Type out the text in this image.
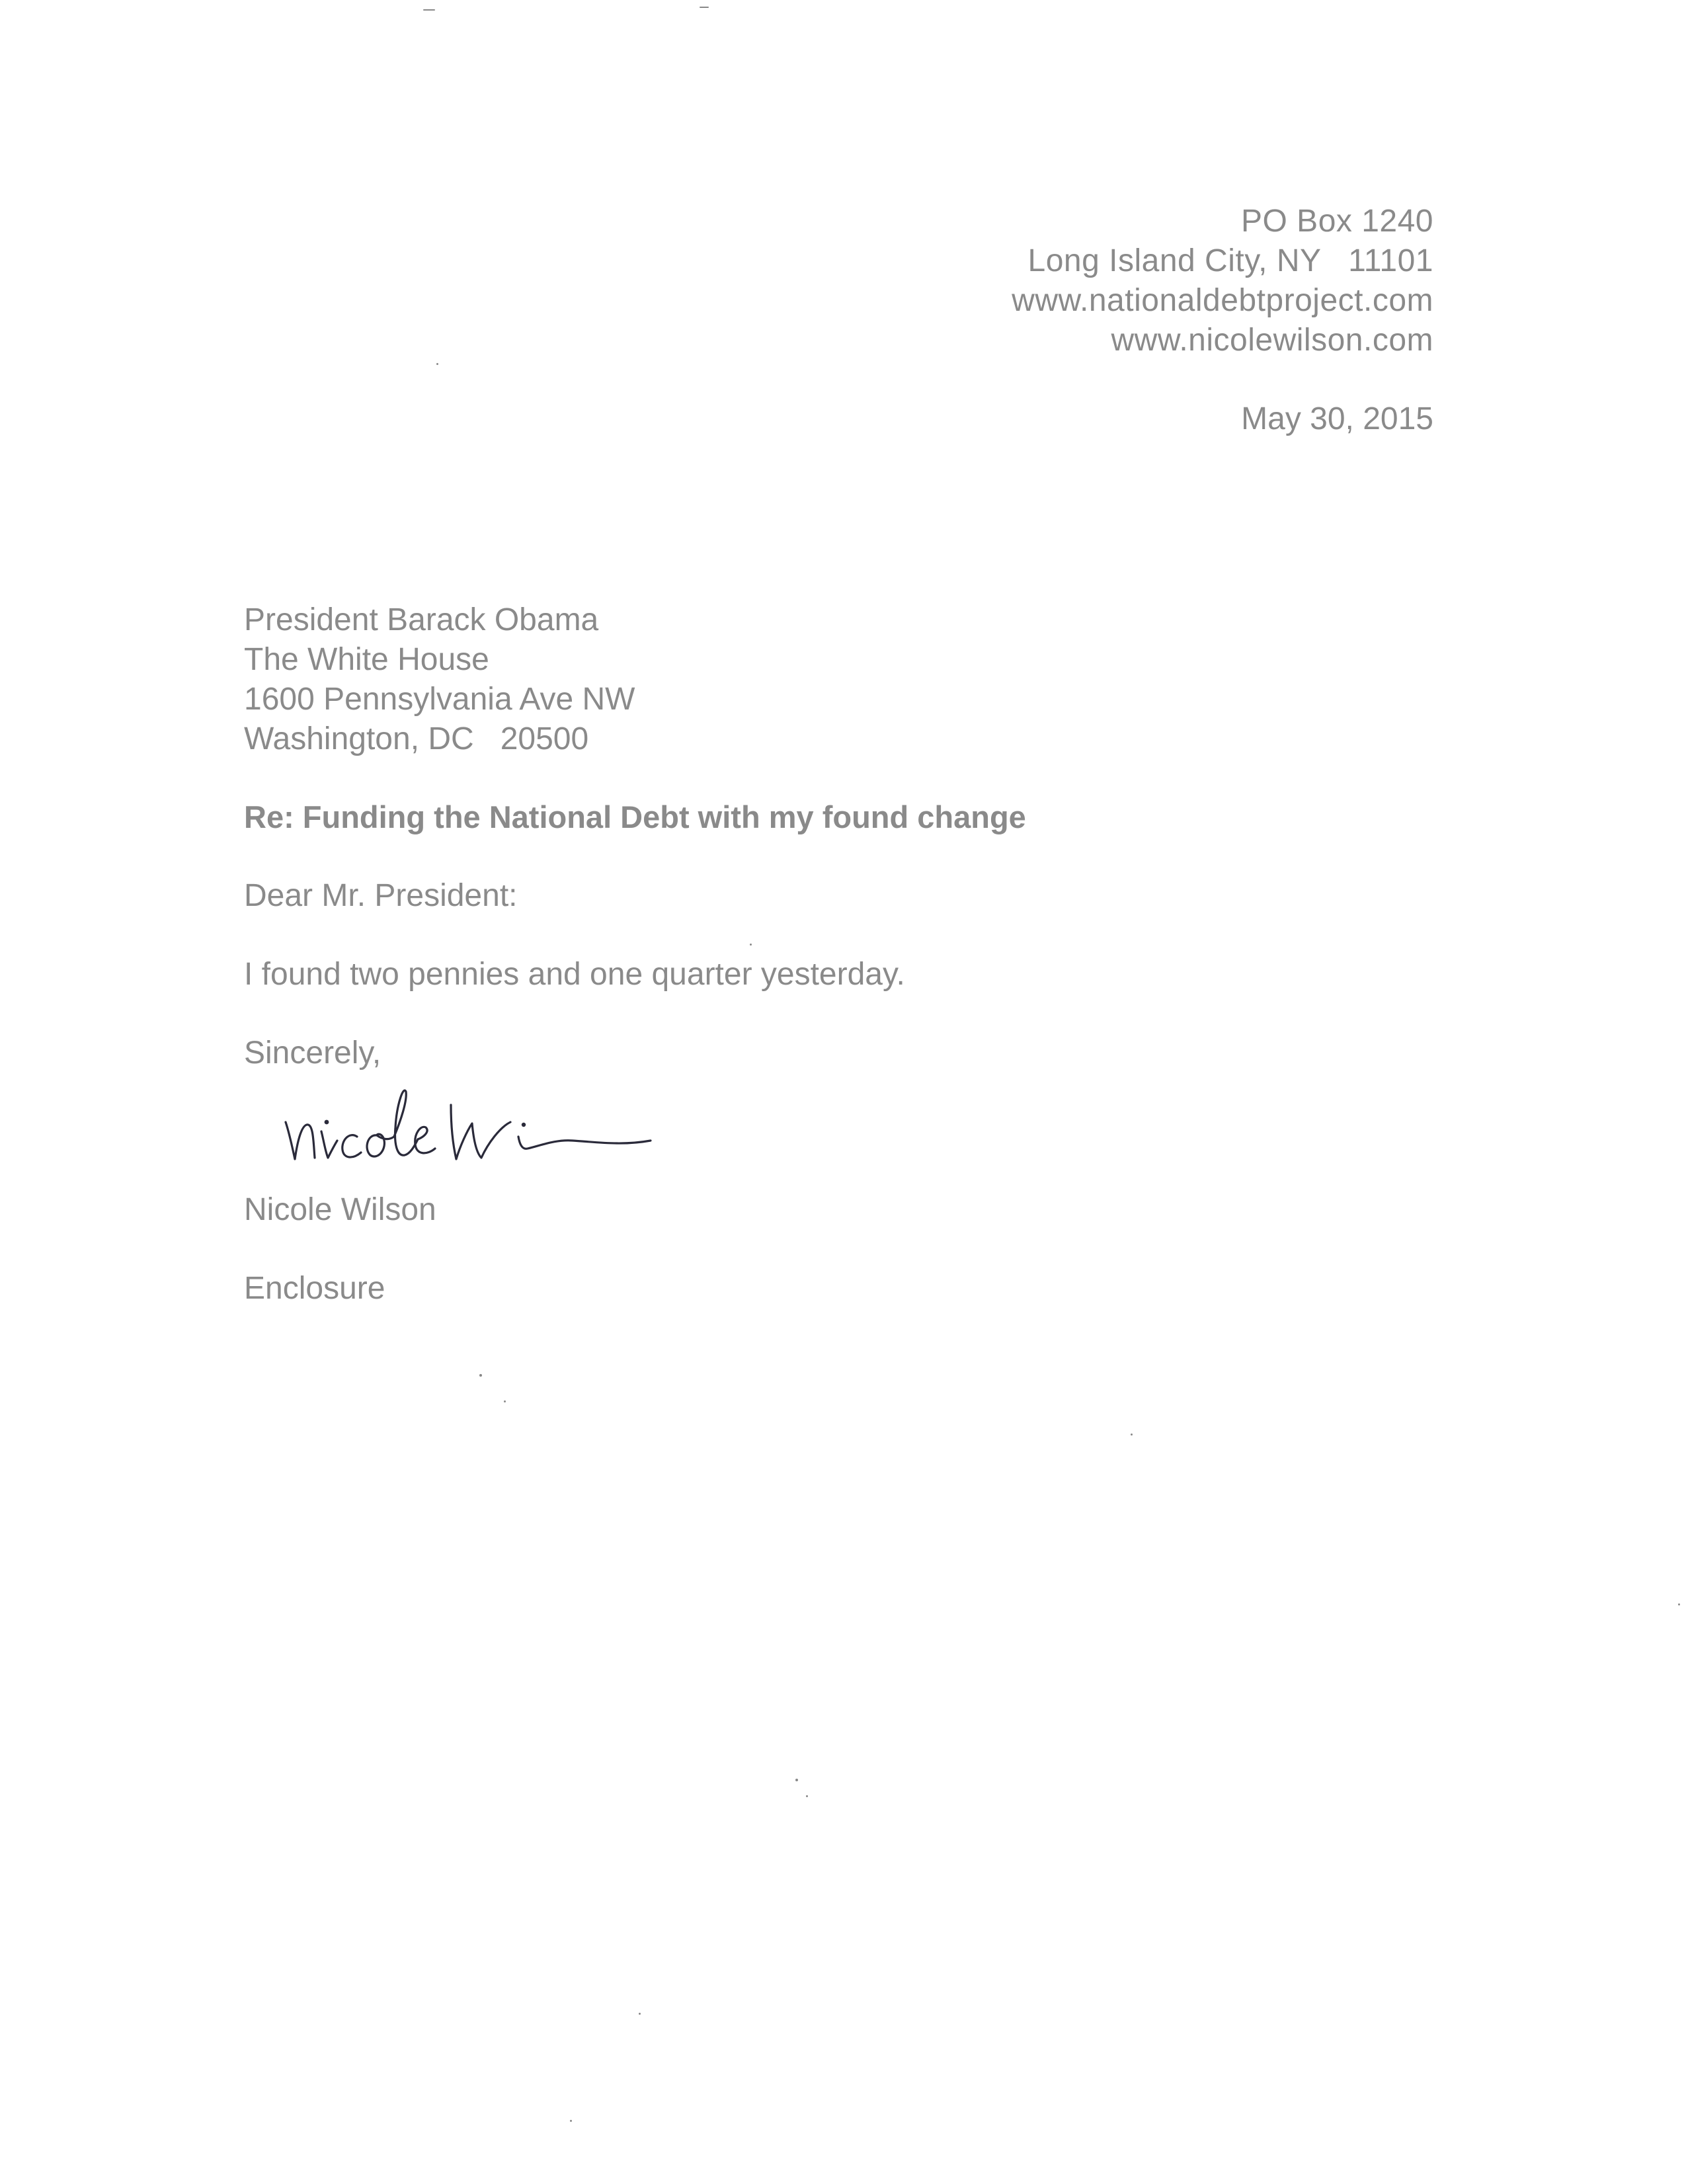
PO Box 1240
Long Island City, NY   11101
www.nationaldebtproject.com
www.nicolewilson.com
May 30, 2015
President Barack Obama
The White House
1600 Pennsylvania Ave NW
Washington, DC   20500
Re: Funding the National Debt with my found change
Dear Mr. President:
I found two pennies and one quarter yesterday.
Sincerely,
Nicole Wilson
Enclosure
